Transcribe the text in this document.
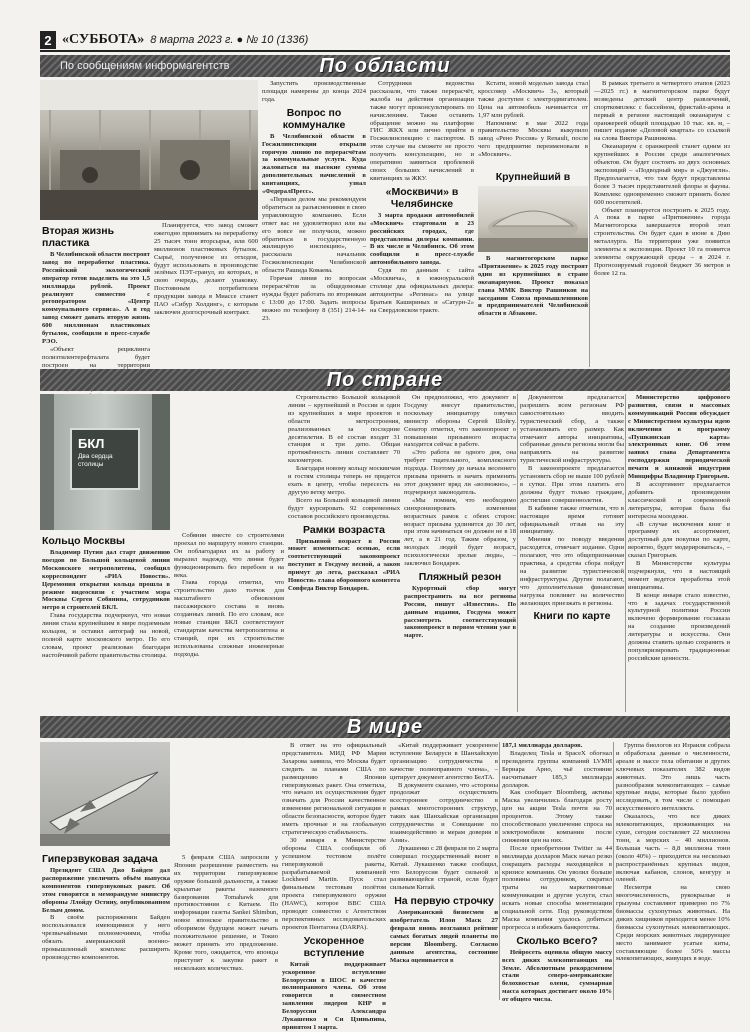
2 «СУББОТА» 8 марта 2023 г. ● № 10 (1336)
По сообщениям информагентств	По области
Вторая жизнь пластика

В Челябинской области построят завод по переработке пластика. Российский экологический оператор готов выделить на это 1,5 миллиарда рублей. Проект реализуют совместно с регоператором «Центр коммунального сервиса». А в год завод сможет давать вторую жизнь 600 миллионам пластиковых бутылок, сообщили в пресс-службе РЭО.

«Объект рециклинга полиэтилентерефталата будет построен на территории

Планируется, что завод сможет ежегодно принимать на переработку 25 тысяч тонн вторсырья, или 600 миллионов пластиковых бутылок. Сырьё, полученное из отходов, будут использовать в производстве зелёных ПЭТ-гранул, из которых, в свою очередь, делают упаковку. Постоянным потребителем продукции завода в Миассе станет ПАО «Сибур Холдинг», с которым заключен долгосрочный контракт.

Запустить производственные площади намерены до конца 2024 года.

Вопрос по коммуналке

В Челябинской области в Госжилинспекции открыли горячую линию по перерасчётам за коммунальные услуги. Куда жаловаться на высокие суммы дополнительных начислений в квитанциях, узнал «ФедералПресс».

«Первым делом мы рекомендуем обратиться за разъяснениями в свою управляющую компанию. Если ответ вас не удовлетворил или вы его вовсе не получили, можно обратиться в государственную жилищную инспекцию», – рассказала начальник Госжилинспекции Челябинской области Рашида Коваева.

Горячая линия по вопросам перерасчётов за общедомовые нужды будет работать по вторникам с 13:00 до 17:00. Задать вопросы можно по телефону 8 (351) 214-14-23.

Сотрудники ведомства рассказали, что также перерасчёт, жалоба на действия организации также могут проконсультировать по начислениям. Также оставить обращение можно на платформе ГИС ЖКХ или лично прийти в Госжилинспекцию с паспортом. В этом случае вы сможете не просто получить консультацию, но и оперативно заявиться проблемой своих больших начислений в квитанциях за ЖКУ.

«Москвичи» в Челябинске

3 марта продажи автомобилей «Москвич» стартовали в 23 российских городах, где представлены дилеры компании. В их числе и Челябинск. Об этом сообщили в пресс-службе автомобильного завода.

Судя по данным с сайта «Москвича», в южноуральской столице два официальных дилера: автоцентры «Регинас» на улице Братьев Кашириных и «Сатурн-2» на Свердловском тракте.

Кстати, новой моделью завода стал кроссовер «Москвич» 3», который также доступен с электродвигателем. Цена на автомобиль начинается от 1,97 млн рублей.

Напомним: в мае 2022 года правительство Москвы выкупило завод «Рено Россия» у Renault, после чего предприятие переименовали в «Москвич».

Крупнейший в

В магнитогорском парке «Притяжение» к 2025 году построят один из крупнейших в стране океанариумов. Проект показал глава ММК Виктор Рашников на заседании Союза промышленников и предпринимателей Челябинской области в Абзакове.

В рамках третьего и четвертого этапов (2023—2025 гг.) в магнитогорском парке будут возведены детский центр развлечений, спорткомплекс с бассейном, фристайл-арена и первый в регионе настоящий океанариум с оранжереей общей площадью 10 тыс. кв. м, – пишет издание «Деловой квартал» со ссылкой на слова Виктора Рашникова.

Океанариум с оранжереей станет одним из крупнейших в России среди аналогичных объектов. Он будет состоять из двух основных экспозиций – «Подводный мир» и «Джунгли». Предполагается, что там будут представлены более 3 тысяч представителей флоры и фауны. Комплекс одновременно сможет принять более 600 посетителей.

Объект планируется построить к 2025 году. А пока в парке «Притяжение» города Магнитогорска завершается второй этап строительства. Он будет сдан в июне к Дню металлурга. На территории уже появятся элементы к экспозиции. Проект 10 га появятся элементы окружающей среды – в 2024 г. Прогнозируемый годовой бюджет 36 метров и более 12 га.

По стране
БКЛ
Два сердца столицы
Кольцо Москвы

Владимир Путин дал старт движению поездов по Большой кольцевой линии Московского метрополитена, сообщил корреспондент «РИА Новости». Церемония открытия кольца прошла в режиме видеосвязи с участием мэра Москвы Сергея Собянина, сотрудников метро и строителей БКЛ.

Глава государства подчеркнул, что новая линия стала крупнейшим в мире подземным кольцом, и оставил автограф на новой, полной карте московского метро. По его словам, проект реализован благодаря настойчивой работе правительства столицы.

Собянин вместе со строителями проехал по маршруту нового станции. Он поблагодарил их за работу и выразил надежду, что линия будет функционировать без перебоев и на века.

Глава города отметил, что строительство дало толчок для масштабного обновления пассажирского состава и вновь созданных линий. По его словам, все новые станции БКЛ соответствуют стандартам качества метрополитена и станций, при их строительстве использованы сложные инженерные подходы.

Строительство Большой кольцевой линии – крупнейший в России и один из крупнейших в мире проектов в области метростроения, реализованных за последние десятилетия. В её состав входят 31 станция и три депо. Общая протяжённость линии составляет 70 километров.

Благодаря новому кольцу москвичам и гостям столицы теперь не придется ехать в центр, чтобы пересесть на другую ветку метро.

Всего на Большой кольцевой линии будут курсировать 92 современных составов российского производства.

Рамки возраста

Призывной возраст в России может измениться: осенью, если соответствующий законопроект поступит в Госдуму весной, а закон примут до лета, рассказал «РИА Новости» глава оборонного комитета Совфеда Виктор Бондарев.

Он предположил, что документ в Госдуму внесут правительство, поскольку инициатору озвучил министр обороны Сергей Шойгу. Сенатор отметил, что законопроект о повышении призывного возраста находится сейчас в работе.

«Это работа не одного дня, она требует тщательного, комплексного подхода. Поэтому до начала весеннего призыва принять и начать применять этот документ вряд ли «возможно», – подчеркнул законодатель.

«Мы помним, что необходимо синхронизировать изменения возрастных рамок с обеих сторон: возраст призыва удлинится до 30 лет, при этом начинаться он должен не в 18 лет, а в 21 год. Таким образом, у молодых людей будет возраст, психологически зрелые люди», – заключил Бондарев.

Пляжный резон

Курортный сбор могут распространить на все регионы России, пишут «Известия». По данным издания, Госдума может рассмотреть соответствующий законопроект в первом чтении уже в марте.

Документом предлагается разрешить всем регионам РФ самостоятельно вводить туристический сбор, а также устанавливать его размер. Как отмечают авторы инициативы, собранные деньги регионы могли бы направлять на развитие туристической инфраструктуры.

В законопроекте предлагается установить сбор не выше 100 рублей в сутки. При этом платить его должны будут только граждане, достигшие совершеннолетия.

В кабмине также отметили, что в настоящее время готовят официальный отзыв на эту инициативу.

Мнения по поводу введения расходятся, отмечает издание. Одни полагают, что это общепризнанная практика, а средства сбора пойдут на развитие туристической инфраструктуры. Другие полагают, что дополнительная финансовая нагрузка повлияет на количество желающих приезжать в регионы.

Книги по карте

Министерство цифрового развития, связи и массовых коммуникаций России обсуждает с Министерством культуры идею включения в программу «Пушкинская карта» электронных книг. Об этом заявил глава Департамента господдержки периодической печати и книжной индустрии Минцифры Владимир Григорьев.

В ассортимент предлагается добавить произведения классической и современной литературы, которая была бы интересна молодежи.

«В случае включения книг в программу их ассортимент, доступный для покупки по карте, вероятно, будет модерироваться», – сказал Григорьев.

В Министерстве культуры подчеркнули, что в настоящий момент ведется проработка этой инициативы.

В конце января стало известно, что в задачах государственной культурной политики России включено формирование госзаказа на создание произведений литературы и искусства. Они должны ставить целью сохранить и популяризировать традиционные российские ценности.

В мире
Гиперзвуковая задача

Президент США Джо Байден дал распоряжение увеличить объём выпуска компонентов гиперзвуковых ракет. Об этом говорится в меморандуме министру обороны Ллойду Остину, опубликованном Белым домом.

В своём распоряжении Байден воспользовался имеющимися у него чрезвычайными полномочиями, чтобы обязать американский военно-промышленный комплекс расширить производство компонентов.

5 февраля США запросили у Японии разрешение разместить на их территории гиперзвуковое оружие большой дальности, а также крылатые ракеты наземного базирования Tomahawk для противостояния с Китаем. По информации газеты Sankei Shimbun, новое японское правительство в обозримом будущем может начать положительное решение, и Токио может принять это предложение. Кроме того, ожидается, что японцы приступят к закупке ракет в нескольких количествах.

В ответ на это официальный представитель МИД РФ Мария Захарова заявила, что Москва будет следить за планами США по размещению в Японии гиперзвуковых ракет. Она отметила, что начало их осуществления будет означать для России качественное изменение региональной ситуации в области безопасности, которое будет иметь прочные и на глобальную стратегическую стабильность.

30 января в Министерстве обороны США сообщили об успешном тестовом полёте гиперзвуковой ракеты, разрабатываемой компанией Lockheed Martin. Пуск стал финальным тестовым полётом проекта гиперзвукового оружия (HAWC), которое ВВС США проводят совместно с Агентством перспективных исследовательских проектов Пентагона (DARPA).

Ускоренное вступление

Китай поддерживает ускоренное вступление Белоруссии в ШОС в качестве полноправного члена. Об этом говорится в совместном заявлении лидеров КНР и Белоруссии Александра Лукашенко и Си Цзиньпина, принятом 1 марта.

«Китай поддерживает ускоренное вступление Беларуси в Шанхайскую организацию сотрудничества в качестве полноправного члена», – цитирует документ агентство БелТА.

В документе сказано, что «стороны продолжат осуществлять всестороннее сотрудничество в рамках многосторонних структур, таких как Шанхайская организация сотрудничества и Совещание по взаимодействию и мерам доверия в Азии».

Лукашенко с 28 февраля по 2 марта совершал государственный визит в Китай. Лукашенко также сообщил, что Белоруссия будет сильной и развивающейся страной, если будет сильным Китай.

На первую строчку

Американский бизнесмен и изобретатель Илон Маск 27 февраля вновь возглавил рейтинг самых богатых людей планеты по версии Bloomberg. Согласно данным агентства, состояние Маска оценивается в

187,1 миллиарда долларов.

Владелец Tesla и SpaceX обогнал президента группы компаний LVMH Бернара Арно, чьё состояние насчитывает 185,3 миллиарда долларов.

Как сообщает Bloomberg, активы Маска увеличились благодаря росту цен на акции Tesla почти на 70 процентов. Этому также способствовало увеличение спроса на электромобили компании после снижения цен на них.

После приобретения Twitter за 44 миллиарда долларов Маск начал резко сокращать расходы находящейся в кризисе компании. Он уволил больше половины сотрудников, сократил траты на маркетинговые коммуникации и другие услуги, стал искать новые способы монетизации социальной сети. Под руководством Маска компания удалось добиться прогресса и избежать банкротства.

Сколько всего?

Нейросеть оценила общую массу всех диких млекопитающих на Земле. Абсолютным рекордсменом стали северо-американские белохвостые олени, суммарная масса которых достигает около 10% от общего числа.

Группа биологов из Израиля собрала и обработала данные о численности, ареале и массе тела обитания и других ключевых показателях 382 видов животных. Это лишь часть разнообразия млекопитающих – самые крупные виды, которые было удобно исследовать, в том числе с помощью искусственного интеллекта.

Оказалось, что все диких млекопитающих, проживающих на суше, сегодня составляет 22 миллиона тонн, а морских – 40 миллионов. Большая часть – 8,8 миллиона тонн (около 40%) – приходится на несколько распространённых крупных видов, включая кабанов, слонов, кенгуру и оленей.

Несмотря на свою многочисленность, рукокрылые и грызуны составляют примерно по 7% биомассы сухопутных животных. На диких хищников приходится менее 10% биомассы сухопутных млекопитающих. Среди морских животных лидирующее место занимают усатые киты, составляющие более 50% массы млекопитающих, живущих в воде.
